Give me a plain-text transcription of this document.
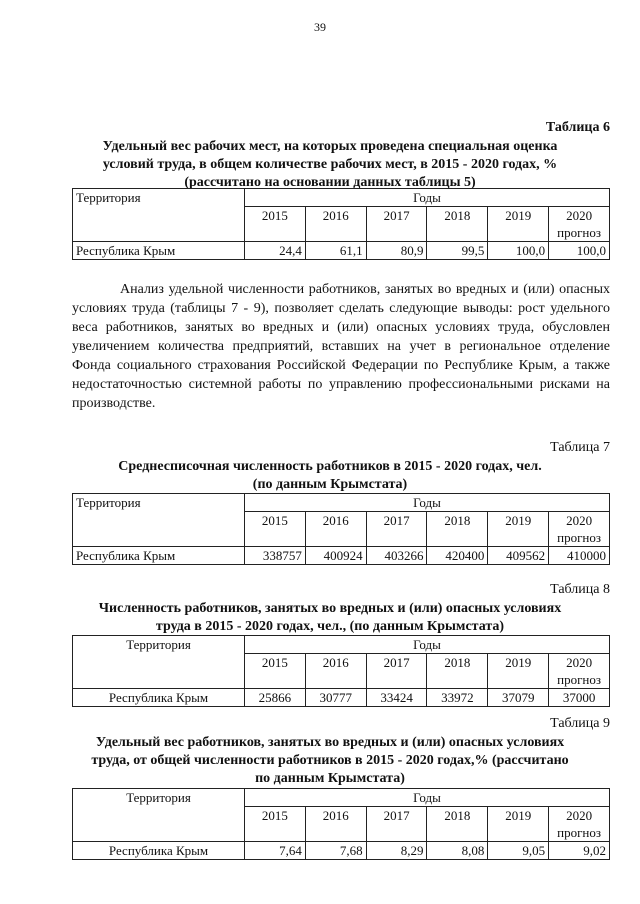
39
Таблица 6
Удельный вес рабочих мест, на которых проведена специальная оценка
условий труда, в общем количестве рабочих мест, в 2015 - 2020 годах, %
(рассчитано на основании данных таблицы 5)
Территория	Годы					
	2015	2016	2017	2018	2019	2020
прогноз

Республика Крым	24,4	61,1	80,9	99,5	100,0	100,0
Анализ удельной численности работников, занятых во вредных и (или) опасных условиях труда (таблицы 7 - 9), позволяет сделать следующие выводы: рост удельного веса работников, занятых во вредных и (или) опасных условиях труда, обусловлен увеличением количества предприятий, вставших на учет в региональное отделение Фонда социального страхования Российской Федерации по Республике Крым, а также недостаточностью системной работы по управлению профессиональными рисками на производстве.
Таблица 7
Среднесписочная численность работников в 2015 - 2020 годах, чел.
(по данным Крымстата)
Территория	Годы					
	2015	2016	2017	2018	2019	2020
прогноз

Республика Крым	338757	400924	403266	420400	409562	410000
Таблица 8
Численность работников, занятых во вредных и (или) опасных условиях
труда в 2015 - 2020 годах, чел., (по данным Крымстата)
Территория	Годы					
	2015	2016	2017	2018	2019	2020
прогноз

Республика Крым	25866	30777	33424	33972	37079	37000
Таблица 9
Удельный вес работников, занятых во вредных и (или) опасных условиях
труда, от общей численности работников в 2015 - 2020 годах,% (рассчитано
по данным Крымстата)
Территория	Годы					
	2015	2016	2017	2018	2019	2020
прогноз

Республика Крым	7,64	7,68	8,29	8,08	9,05	9,02
